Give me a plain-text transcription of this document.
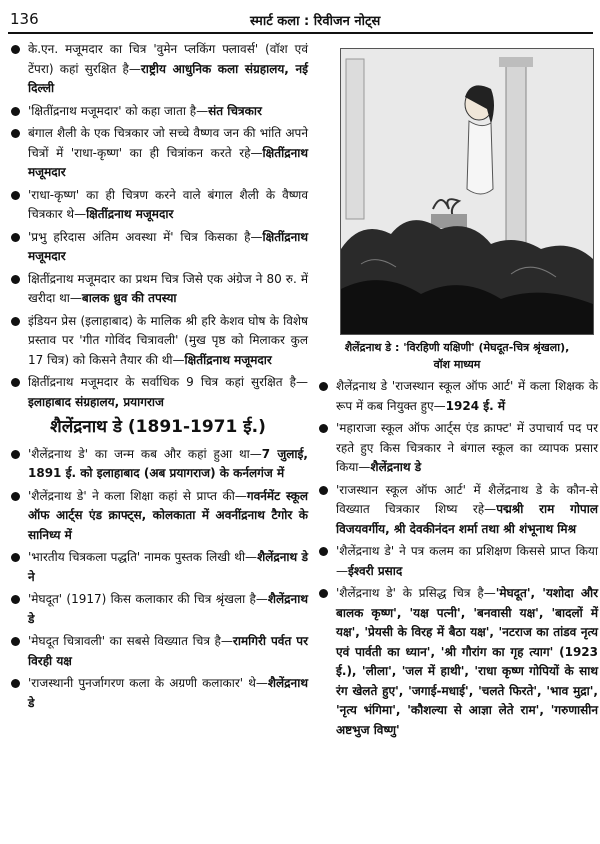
136	स्मार्ट कला : रिवीजन नोट्स
के.एन. मजूमदार का चित्र 'वुमेन प्लकिंग फ्लावर्स' (वॉश एवं टेंपरा) कहां सुरक्षित है—राष्ट्रीय आधुनिक कला संग्रहालय, नई दिल्ली
'क्षितींद्रनाथ मजूमदार' को कहा जाता है—संत चित्रकार
बंगाल शैली के एक चित्रकार जो सच्चे वैष्णव जन की भांति अपने चित्रों में 'राधा-कृष्ण' का ही चित्रांकन करते रहे—क्षितींद्रनाथ मजूमदार
'राधा-कृष्ण' का ही चित्रण करने वाले बंगाल शैली के वैष्णव चित्रकार थे—क्षितींद्रनाथ मजूमदार
'प्रभु हरिदास अंतिम अवस्था में' चित्र किसका है—क्षितींद्रनाथ मजूमदार
क्षितींद्रनाथ मजूमदार का प्रथम चित्र जिसे एक अंग्रेज ने 80 रु. में खरीदा था—बालक ध्रुव की तपस्या
इंडियन प्रेस (इलाहाबाद) के मालिक श्री हरि केशव घोष के विशेष प्रस्ताव पर 'गीत गोविंद चित्रावली' (मुख पृष्ठ को मिलाकर कुल 17 चित्र) को किसने तैयार की थी—क्षितींद्रनाथ मजूमदार
क्षितींद्रनाथ मजूमदार के सर्वाधिक 9 चित्र कहां सुरक्षित है—इलाहाबाद संग्रहालय, प्रयागराज
शैलेंद्रनाथ डे (1891-1971 ई.)
'शैलेंद्रनाथ डे' का जन्म कब और कहां हुआ था—7 जुलाई, 1891 ई. को इलाहाबाद (अब प्रयागराज) के कर्नलगंज में
'शैलेंद्रनाथ डे' ने कला शिक्षा कहां से प्राप्त की—गवर्नमेंट स्कूल ऑफ आर्ट्स एंड क्राफ्ट्स, कोलकाता में अवनींद्रनाथ टैगोर के सानिध्य में
'भारतीय चित्रकला पद्धति' नामक पुस्तक लिखी थी—शैलेंद्रनाथ डे ने
'मेघदूत' (1917) किस कलाकार की चित्र श्रृंखला है—शैलेंद्रनाथ डे
'मेघदूत चित्रावली' का सबसे विख्यात चित्र है—रामगिरी पर्वत पर विरही यक्ष
'राजस्थानी पुनर्जागरण कला के अग्रणी कलाकार' थे—शैलेंद्रनाथ डे
शैलेंद्रनाथ डे : 'विरहिणी यक्षिणी' (मेघदूत-चित्र श्रृंखला),
वॉश माध्यम
शैलेंद्रनाथ डे 'राजस्थान स्कूल ऑफ आर्ट' में कला शिक्षक के रूप में कब नियुक्त हुए—1924 ई. में
'महाराजा स्कूल ऑफ आर्ट्स एंड क्राफ्ट' में उपाचार्य पद पर रहते हुए किस चित्रकार ने बंगाल स्कूल का व्यापक प्रसार किया—शैलेंद्रनाथ डे
'राजस्थान स्कूल ऑफ आर्ट' में शैलेंद्रनाथ डे के कौन-से विख्यात चित्रकार शिष्य रहे—पद्मश्री राम गोपाल विजयवर्गीय, श्री देवकीनंदन शर्मा तथा श्री शंभूनाथ मिश्र
'शैलेंद्रनाथ डे' ने पत्र कलम का प्रशिक्षण किससे प्राप्त किया—ईश्वरी प्रसाद
'शैलेंद्रनाथ डे' के प्रसिद्ध चित्र है—'मेघदूत', 'यशोदा और बालक कृष्ण', 'यक्ष पत्नी', 'बनवासी यक्ष', 'बादलों में यक्ष', 'प्रेयसी के विरह में बैठा यक्ष', 'नटराज का तांडव नृत्य एवं पार्वती का ध्यान', 'श्री गौरांग का गृह त्याग' (1923 ई.), 'लीला', 'जल में हाथी', 'राधा कृष्ण गोपियों के साथ रंग खेलते हुए', 'जगाई-मधाई', 'चलते फिरते', 'भाव मुद्रा', 'नृत्य भंगिमा', 'कौशल्या से आज्ञा लेते राम', 'गरुणासीन अष्टभुज विष्णु'
